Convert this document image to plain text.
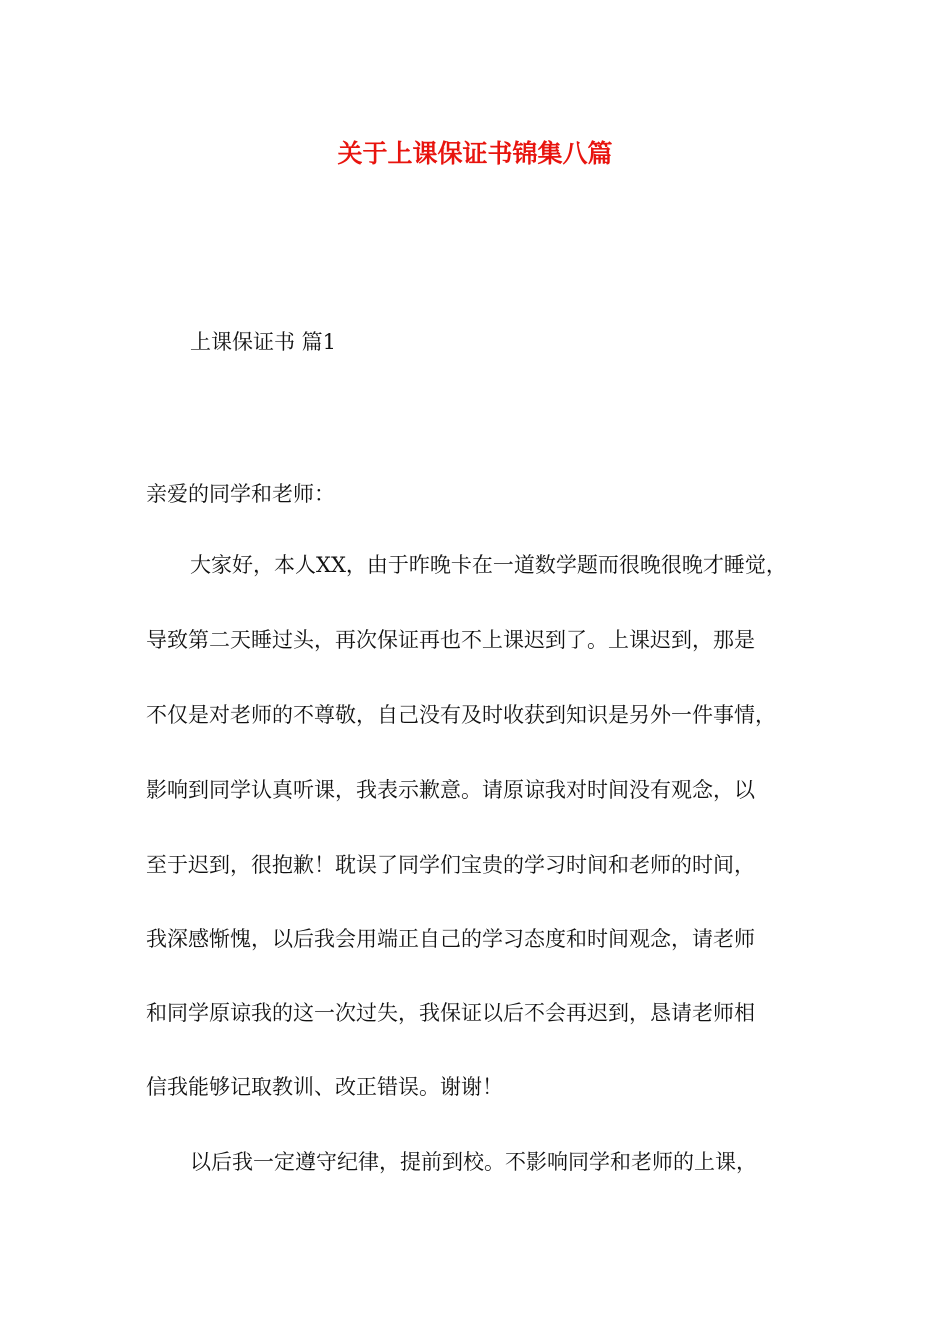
关于上课保证书锦集八篇

上课保证书 篇1

亲爱的同学和老师：

大家好，本人XX，由于昨晚卡在一道数学题而很晚很晚才睡觉，

导致第二天睡过头，再次保证再也不上课迟到了。上课迟到，那是

不仅是对老师的不尊敬，自己没有及时收获到知识是另外一件事情，

影响到同学认真听课，我表示歉意。请原谅我对时间没有观念，以

至于迟到，很抱歉！耽误了同学们宝贵的学习时间和老师的时间，

我深感惭愧，以后我会用端正自己的学习态度和时间观念，请老师

和同学原谅我的这一次过失，我保证以后不会再迟到，恳请老师相

信我能够记取教训、改正错误。谢谢！

以后我一定遵守纪律，提前到校。不影响同学和老师的上课，
